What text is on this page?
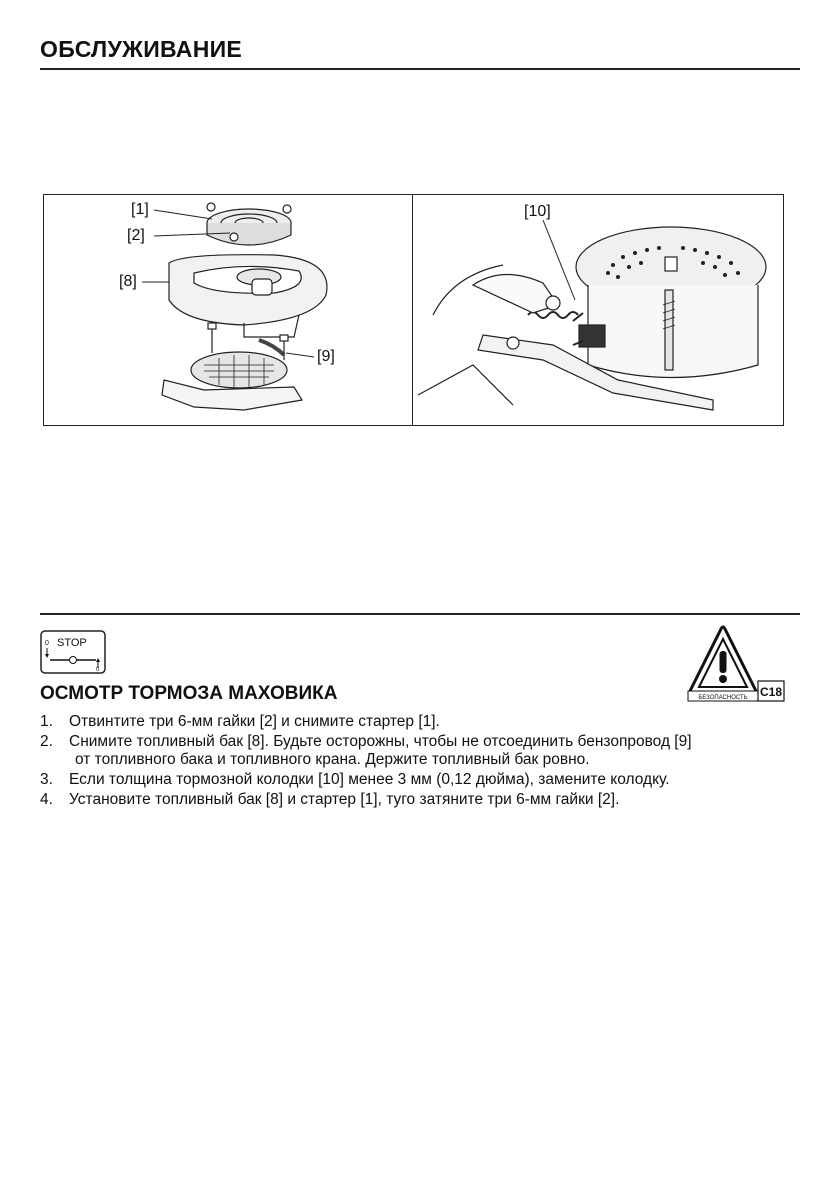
ОБСЛУЖИВАНИЕ
[1]
[2]
[8]
[9]
[10]
STOP
0
0
БЕЗОПАСНОСТЬ C18
ОСМОТР ТОРМОЗА МАХОВИКА
1. Отвинтите три 6-мм гайки [2] и снимите стартер [1].
2. Снимите топливный бак [8]. Будьте осторожны, чтобы не отсоединить бензопровод [9]
от топливного бака и топливного крана. Держите топливный бак ровно.
3. Если толщина тормозной колодки [10] менее 3 мм (0,12 дюйма), замените колодку.
4. Установите топливный бак [8] и стартер [1], туго затяните три 6-мм гайки [2].
